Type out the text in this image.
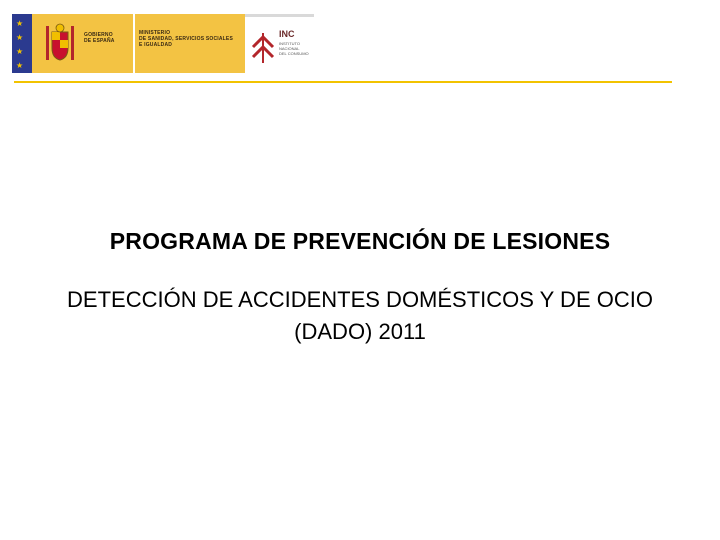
★
★
★
★
GOBIERNO
DE ESPAÑA
MINISTERIO
DE SANIDAD, SERVICIOS SOCIALES
E IGUALDAD
INC
INSTITUTO
NACIONAL
DEL CONSUMO
PROGRAMA DE PREVENCIÓN DE LESIONES
DETECCIÓN DE ACCIDENTES DOMÉSTICOS Y DE OCIO
(DADO) 2011
